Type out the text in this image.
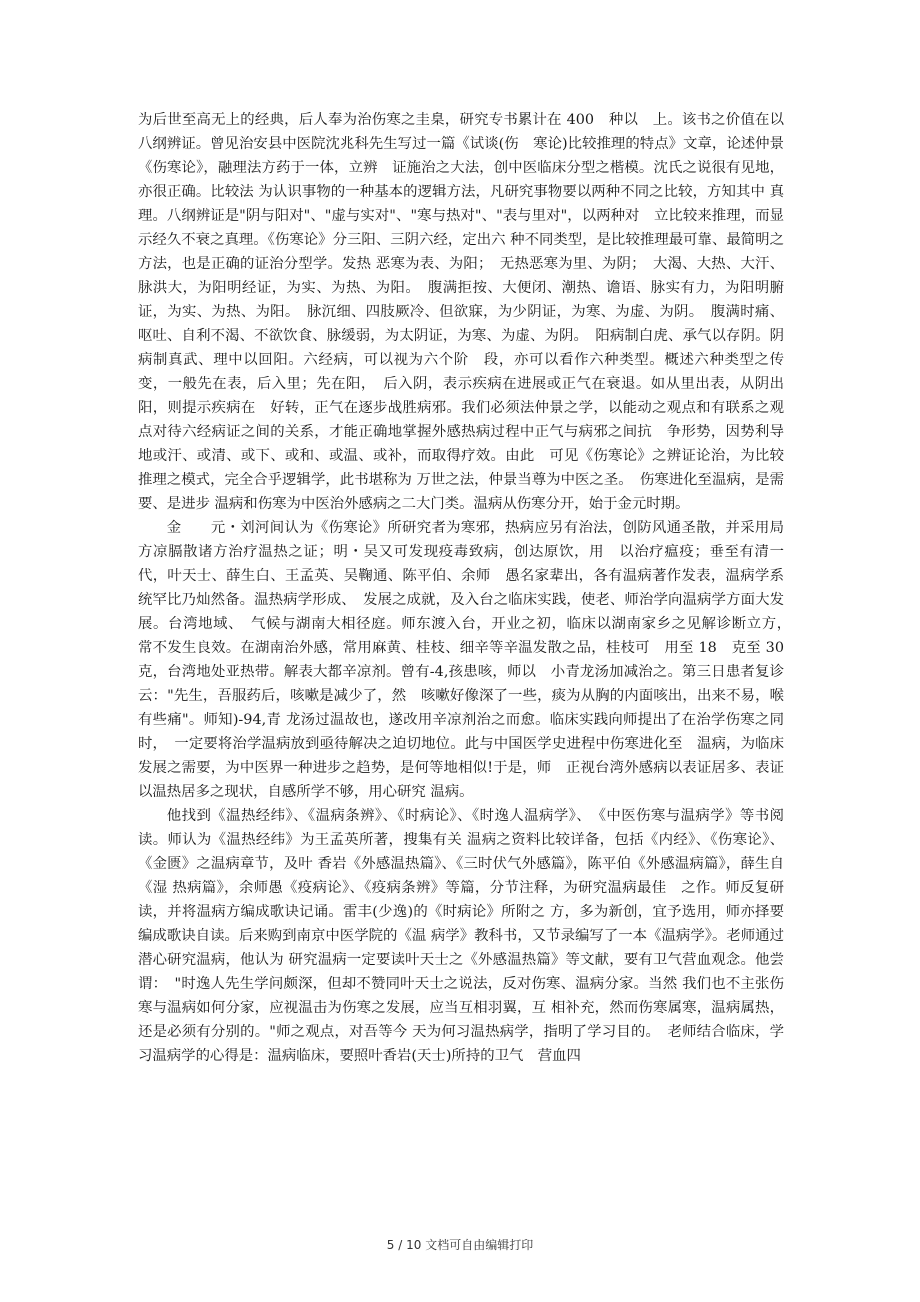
为后世至高无上的经典，后人奉为治伤寒之圭臬，研究专书累计在 400　种以　上。该书之价值在以八纲辨证。曾见治安县中医院沈兆科先生写过一篇《试谈(伤　寒论)比较推理的特点》文章，论述仲景《伤寒论》，融理法方药于一体，立辨　证施治之大法，创中医临床分型之楷模。沈氏之说很有见地，亦很正确。比较法 为认识事物的一种基本的逻辑方法，凡研究事物要以两种不同之比较，方知其中 真理。八纲辨证是"阴与阳对"、"虚与实对"、"寒与热对"、"表与里对"，以两种对　立比较来推理，而显示经久不衰之真理。《伤寒论》分三阳、三阴六经，定出六 种不同类型，是比较推理最可靠、最简明之方法，也是正确的证治分型学。发热 恶寒为表、为阳；　无热恶寒为里、为阴；　大渴、大热、大汗、脉洪大，为阳明经证，为实、为热、为阳。　腹满拒按、大便闭、潮热、谵语、脉实有力，为阳明腑证，为实、为热、为阳。　脉沉细、四肢厥冷、但欲寐，为少阴证，为寒、为虚、为阴。　腹满时痛、呕吐、自利不渴、不欲饮食、脉缓弱，为太阴证，为寒、为虚、为阴。　阳病制白虎、承气以存阴。阴病制真武、理中以回阳。六经病，可以视为六个阶　段，亦可以看作六种类型。概述六种类型之传变，一般先在表，后入里；先在阳，　后入阴，表示疾病在进展或正气在衰退。如从里出表，从阴出阳，则提示疾病在　好转，正气在逐步战胜病邪。我们必须法仲景之学，以能动之观点和有联系之观　点对待六经病证之间的关系，才能正确地掌握外感热病过程中正气与病邪之间抗　争形势，因势利导地或汗、或清、或下、或和、或温、或补，而取得疗效。由此　可见《伤寒论》之辨证论治，为比较推理之模式，完全合乎逻辑学，此书堪称为 万世之法，仲景当尊为中医之圣。　伤寒进化至温病，是需要、是进步 温病和伤寒为中医治外感病之二大门类。温病从伤寒分开，始于金元时期。

金　　元・刘河间认为《伤寒论》所研究者为寒邪，热病应另有治法，创防风通圣散，并采用局方凉膈散诸方治疗温热之证；明・吴又可发现疫毒致病，创达原饮，用　以治疗瘟疫；垂至有清一代，叶天士、薛生白、王孟英、吴鞠通、陈平伯、余师　愚名家辈出，各有温病著作发表，温病学系统罕比乃灿然备。温热病学形成、　发展之成就，及入台之临床实践，使老、师治学向温病学方面大发展。台湾地域、　气候与湖南大相径庭。师东渡入台，开业之初，临床以湖南家乡之见解诊断立方，　常不发生良效。在湖南治外感，常用麻黄、桂枝、细辛等辛温发散之品，桂枝可　用至 18　克至 30　克，台湾地处亚热带。解表大都辛凉剂。曾有-4,孩患咳，师以　小青龙汤加减治之。第三日患者复诊云："先生，吾服药后，咳嗽是减少了，然　咳嗽好像深了一些，痰为从胸的内面咳出，出来不易，喉有些痛"。师知)-94,青 龙汤过温故也，遂改用辛凉剂治之而愈。临床实践向师提出了在治学伤寒之同时，　一定要将治学温病放到亟待解决之迫切地位。此与中国医学史进程中伤寒进化至　温病，为临床发展之需要，为中医界一种进步之趋势，是何等地相似!于是，师　正视台湾外感病以表证居多、表证以温热居多之现状，自感所学不够，用心研究 温病。

他找到《温热经纬》、《温病条辨》、《时病论》、《时逸人温病学》、　《中医伤寒与温病学》等书阅读。师认为《温热经纬》为王孟英所著，搜集有关 温病之资料比较详备，包括《内经》、《伤寒论》、《金匮》之温病章节，及叶 香岩《外感温热篇》、《三时伏气外感篇》，陈平伯《外感温病篇》，薛生自《湿 热病篇》，余师愚《疫病论》、《疫病条辨》等篇，分节注释，为研究温病最佳　之作。师反复研读，并将温病方编成歌诀记诵。雷丰(少逸)的《时病论》所附之 方，多为新创，宜予选用，师亦择要编成歌诀自读。后来购到南京中医学院的《温 病学》教科书，又节录编写了一本《温病学》。老师通过潜心研究温病，他认为 研究温病一定要读叶天士之《外感温热篇》等文献，要有卫气营血观念。他尝谓：　"时逸人先生学问颇深，但却不赞同叶天士之说法，反对伤寒、温病分家。当然 我们也不主张伤寒与温病如何分家，应视温击为伤寒之发展，应当互相羽翼，互 相补充，然而伤寒属寒，温病属热，还是必须有分别的。"师之观点，对吾等今 天为何习温热病学，指明了学习目的。　老师结合临床，学习温病学的心得是：温病临床，要照叶香岩(天士)所持的卫气　营血四

5 / 10 文档可自由编辑打印
